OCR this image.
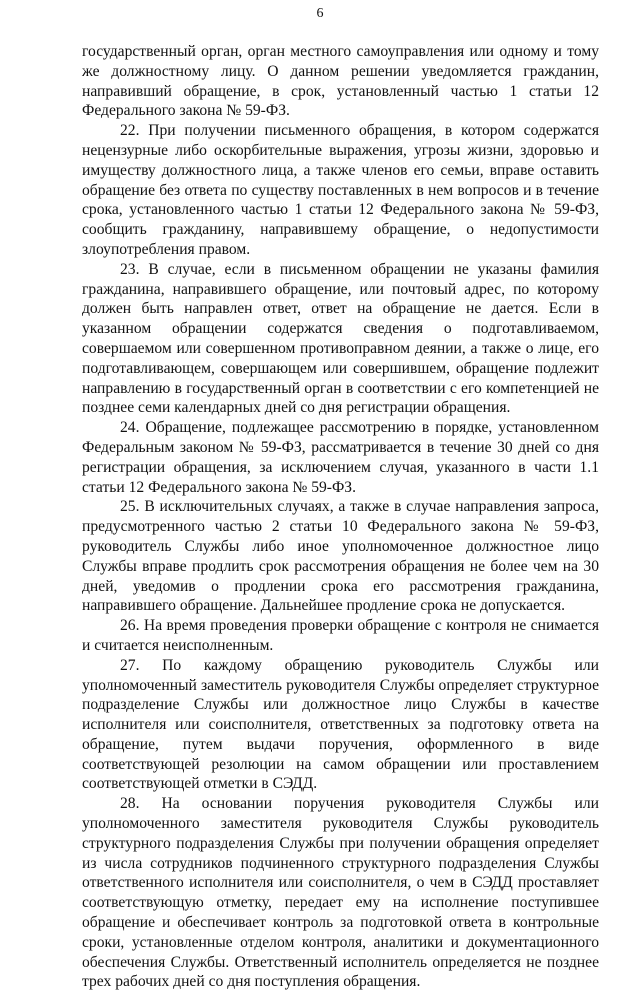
6

государственный орган, орган местного самоуправления или одному и тому же должностному лицу. О данном решении уведомляется гражданин, направивший обращение, в срок, установленный частью 1 статьи 12 Федерального закона № 59-ФЗ.

22. При получении письменного обращения, в котором содержатся нецензурные либо оскорбительные выражения, угрозы жизни, здоровью и имуществу должностного лица, а также членов его семьи, вправе оставить обращение без ответа по существу поставленных в нем вопросов и в течение срока, установленного частью 1 статьи 12 Федерального закона № 59-ФЗ, сообщить гражданину, направившему обращение, о недопустимости злоупотребления правом.

23. В случае, если в письменном обращении не указаны фамилия гражданина, направившего обращение, или почтовый адрес, по которому должен быть направлен ответ, ответ на обращение не дается. Если в указанном обращении содержатся сведения о подготавливаемом, совершаемом или совершенном противоправном деянии, а также о лице, его подготавливающем, совершающем или совершившем, обращение подлежит направлению в государственный орган в соответствии с его компетенцией не позднее семи календарных дней со дня регистрации обращения.

24. Обращение, подлежащее рассмотрению в порядке, установленном Федеральным законом № 59-ФЗ, рассматривается в течение 30 дней со дня регистрации обращения, за исключением случая, указанного в части 1.1 статьи 12 Федерального закона № 59-ФЗ.

25. В исключительных случаях, а также в случае направления запроса, предусмотренного частью 2 статьи 10 Федерального закона № 59-ФЗ, руководитель Службы либо иное уполномоченное должностное лицо Службы вправе продлить срок рассмотрения обращения не более чем на 30 дней, уведомив о продлении срока его рассмотрения гражданина, направившего обращение. Дальнейшее продление срока не допускается.

26. На время проведения проверки обращение с контроля не снимается и считается неисполненным.

27. По каждому обращению руководитель Службы или уполномоченный заместитель руководителя Службы определяет структурное подразделение Службы или должностное лицо Службы в качестве исполнителя или соисполнителя, ответственных за подготовку ответа на обращение, путем выдачи поручения, оформленного в виде соответствующей резолюции на самом обращении или проставлением соответствующей отметки в СЭДД.

28. На основании поручения руководителя Службы или уполномоченного заместителя руководителя Службы руководитель структурного подразделения Службы при получении обращения определяет из числа сотрудников подчиненного структурного подразделения Службы ответственного исполнителя или соисполнителя, о чем в СЭДД проставляет соответствующую отметку, передает ему на исполнение поступившее обращение и обеспечивает контроль за подготовкой ответа в контрольные сроки, установленные отделом контроля, аналитики и документационного обеспечения Службы. Ответственный исполнитель определяется не позднее трех рабочих дней со дня поступления обращения.
